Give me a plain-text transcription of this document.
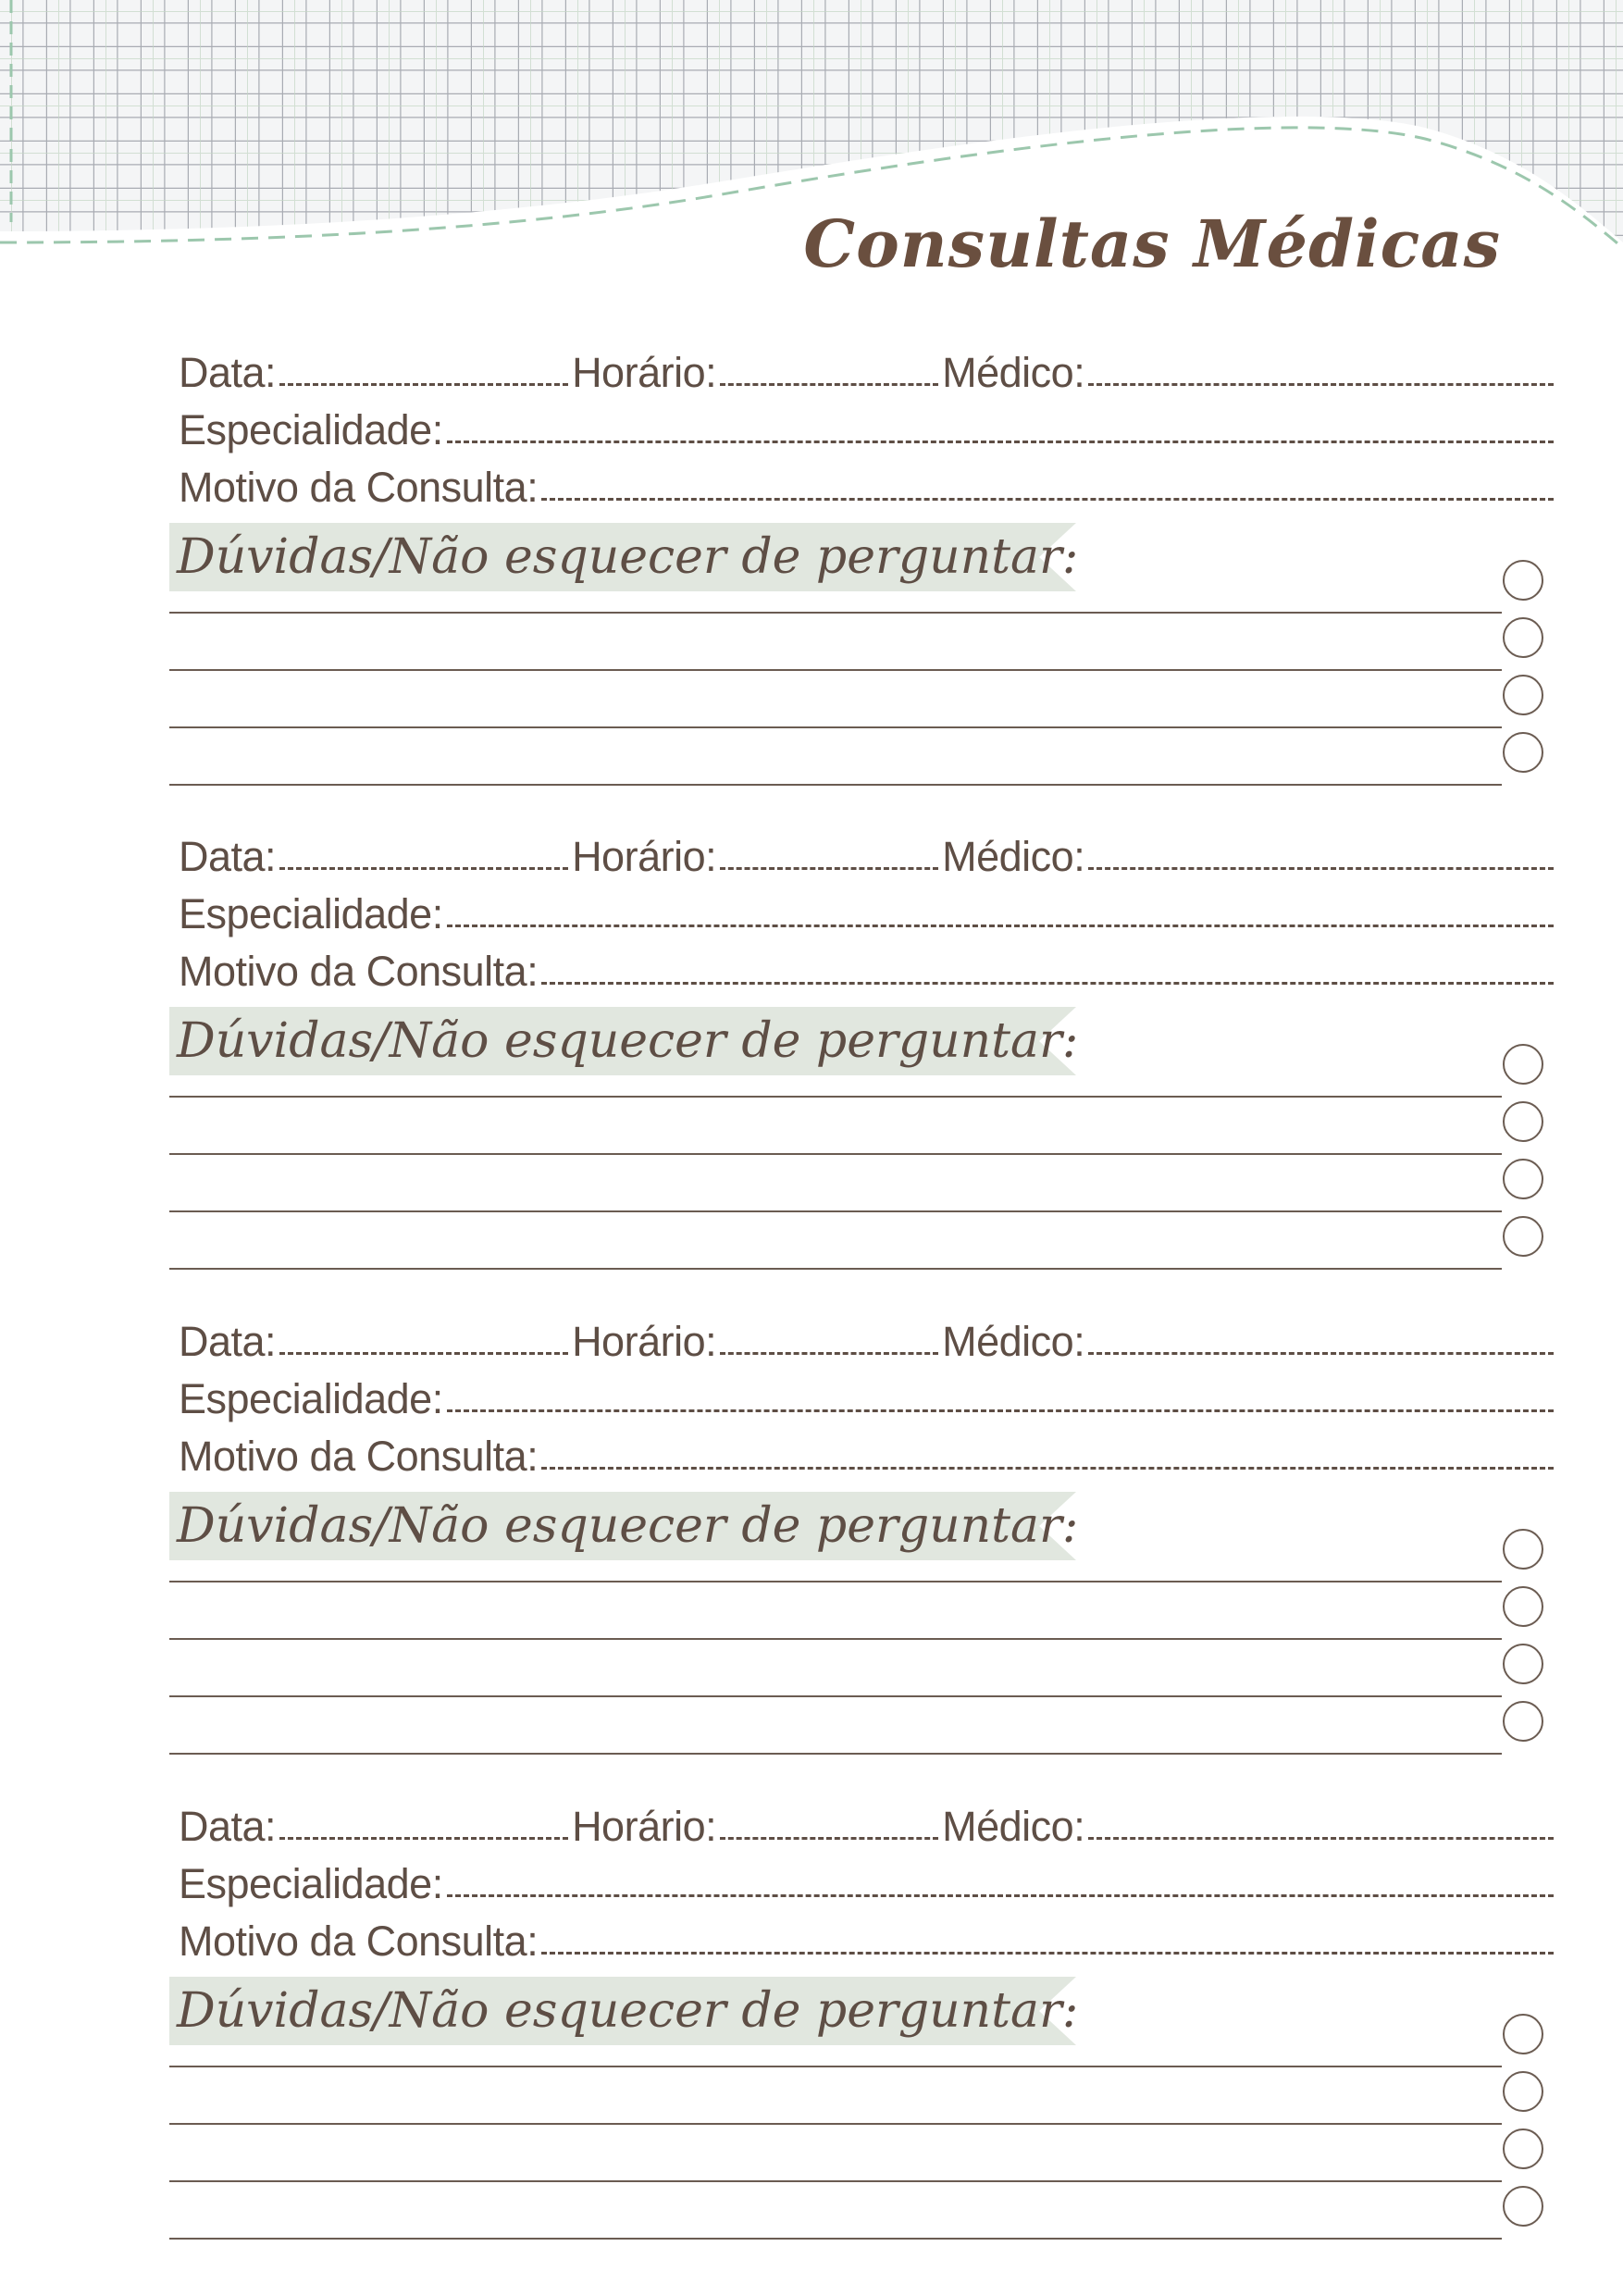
Consultas Médicas
Data:	Horário:	Médico:
Especialidade:
Motivo da Consulta:
Dúvidas/Não esquecer de perguntar:
Data:	Horário:	Médico:
Especialidade:
Motivo da Consulta:
Dúvidas/Não esquecer de perguntar:
Data:	Horário:	Médico:
Especialidade:
Motivo da Consulta:
Dúvidas/Não esquecer de perguntar:
Data:	Horário:	Médico:
Especialidade:
Motivo da Consulta:
Dúvidas/Não esquecer de perguntar:
